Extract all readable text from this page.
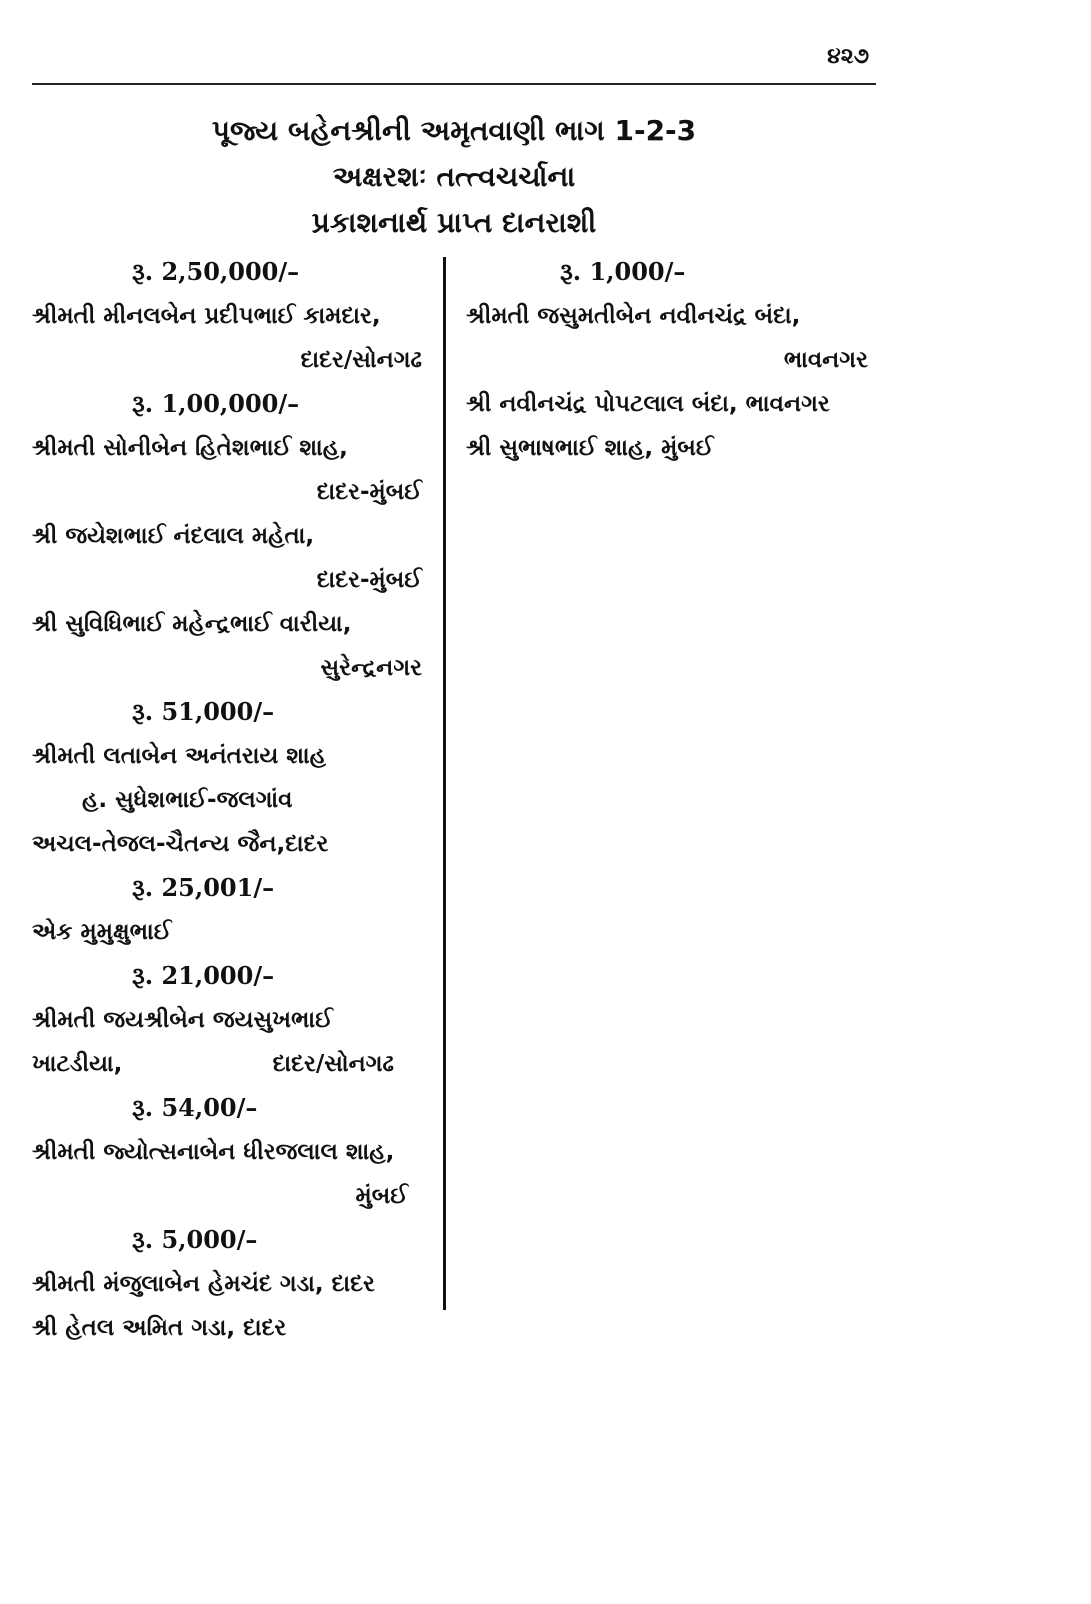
૪૨૭
પૂજ્ય બહેનશ્રીની અમૃતવાણી ભાગ 1-2-3
અક્ષરશઃ તત્ત્વચર્ચાના
પ્રકાશનાર્થ પ્રાપ્ત દાનરાશી
રૂ. 2,50,000/–
શ્રીમતી મીનલબેન પ્રદીપભાઈ કામદાર,
દાદર/સોનગઢ
રૂ. 1,00,000/–
શ્રીમતી સોનીબેન હિતેશભાઈ શાહ,
દાદર-મુંબઈ
શ્રી જયેશભાઈ નંદલાલ મહેતા,
દાદર-મુંબઈ
શ્રી સુવિધિભાઈ મહેન્દ્રભાઈ વારીયા,
સુરેન્દ્રનગર
રૂ. 51,000/–
શ્રીમતી લતાબેન અનંતરાય શાહ
હ. સુધેશભાઈ-જલગાંવ
અચલ-તેજલ-ચૈતન્ય જૈન,દાદર
રૂ. 25,001/–
એક મુમુક્ષુભાઈ
રૂ. 21,000/–
શ્રીમતી જયશ્રીબેન જયસુખભાઈ
ખાટડીયા,	દાદર/સોનગઢ
રૂ. 54,00/–
શ્રીમતી જ્યોત્સનાબેન ધીરજલાલ શાહ,
મુંબઈ
રૂ. 5,000/–
શ્રીમતી મંજુલાબેન હેમચંદ ગડા, દાદર
શ્રી હેતલ અમિત ગડા, દાદર
રૂ. 1,000/–
શ્રીમતી જસુમતીબેન નવીનચંદ્ર બંદા,
ભાવનગર
શ્રી નવીનચંદ્ર પોપટલાલ બંદા, ભાવનગર
શ્રી સુભાષભાઈ શાહ, મુંબઈ
